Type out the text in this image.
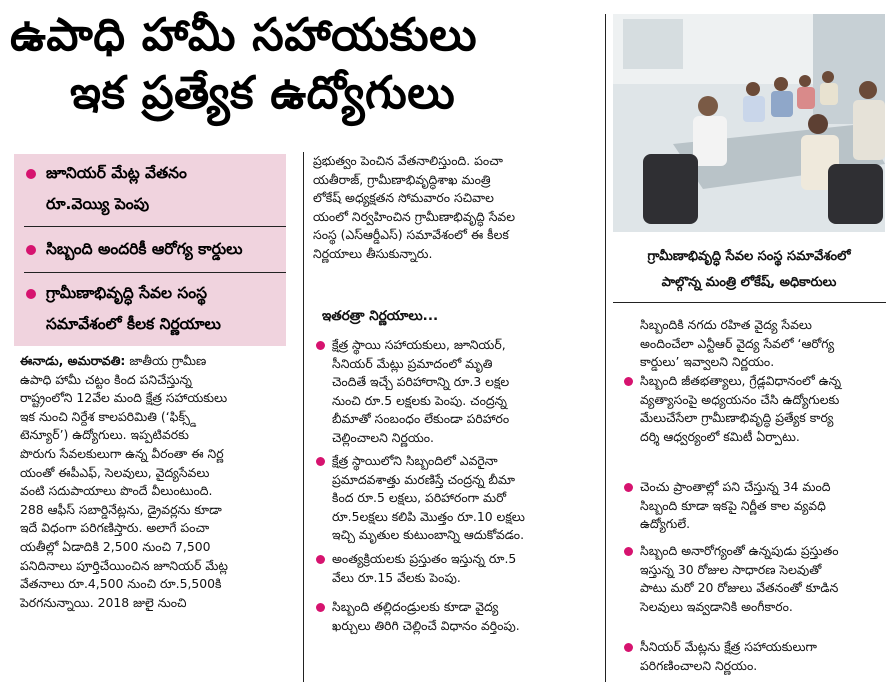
ఉపాధి హామీ సహాయకులు
ఇక ప్రత్యేక ఉద్యోగులు
జూనియర్ మేట్ల వేతనం
రూ.వెయ్యి పెంపు
సిబ్బంది అందరికీ ఆరోగ్య కార్డులు
గ్రామీణాభివృద్ధి సేవల సంస్థ
సమావేశంలో కీలక నిర్ణయాలు

ఈనాడు, అమరావతి: జాతీయ గ్రామీణ

ఉపాధి హామీ చట్టం కింద పనిచేస్తున్న

రాష్ట్రంలోని 12వేల మంది క్షేత్ర సహాయకులు

ఇక నుంచి నిర్దేశ కాలపరిమితి (‘ఫిక్స్డ్

టెన్యూర్’) ఉద్యోగులు. ఇప్పటివరకు

పొరుగు సేవలకులుగా ఉన్న వీరంతా ఈ నిర్ణ

యంతో ఈపీఎఫ్, సెలవులు, వైద్యసేవలు

వంటి సదుపాయాలు పొందే వీలుంటుంది.

288 ఆఫీస్ సబార్డినేట్లను, డ్రైవర్లను కూడా

ఇదే విధంగా పరిగణిస్తారు. అలాగే పంచా

యతీల్లో ఏడాదికి 2,500 నుంచి 7,500

పనిదినాలు పూర్తిచేయించిన జూనియర్ మేట్ల

వేతనాలు రూ.4,500 నుంచి రూ.5,500కి

పెరగనున్నాయి. 2018 జులై నుంచి

ప్రభుత్వం పెంచిన వేతనాలిస్తుంది. పంచా

యతీరాజ్, గ్రామీణాభివృద్ధిశాఖ మంత్రి

లోకేష్ అధ్యక్షతన సోమవారం సచివాల

యంలో నిర్వహించిన గ్రామీణాభివృద్ధి సేవల

సంస్థ (ఎస్ఆర్డీఎస్) సమావేశంలో ఈ కీలక

నిర్ణయాలు తీసుకున్నారు.

ఇతరత్రా నిర్ణయాలు...

క్షేత్ర స్థాయి సహాయకులు, జూనియర్,

సీనియర్ మేట్లు ప్రమాదంలో మృతి

చెందితే ఇచ్చే పరిహారాన్ని రూ.3 లక్షల

నుంచి రూ.5 లక్షలకు పెంపు. చంద్రన్న

బీమాతో సంబంధం లేకుండా పరిహారం

చెల్లించాలని నిర్ణయం.

క్షేత్ర స్థాయిలోని సిబ్బందిలో ఎవరైనా

ప్రమాదవశాత్తు మరణిస్తే చంద్రన్న బీమా

కింద రూ.5 లక్షలు, పరిహారంగా మరో

రూ.5లక్షలు కలిపి మొత్తం రూ.10 లక్షలు

ఇచ్చి మృతుల కుటుంబాన్ని ఆదుకోవడం.

అంత్యక్రియలకు ప్రస్తుతం ఇస్తున్న రూ.5

వేలు రూ.15 వేలకు పెంపు.

సిబ్బంది తల్లిదండ్రులకు కూడా వైద్య

ఖర్చులు తిరిగి చెల్లించే విధానం వర్తింపు.

గ్రామీణాభివృద్ధి సేవల సంస్థ సమావేశంలో
పాల్గొన్న మంత్రి లోకేష్, అధికారులు

సిబ్బందికి నగదు రహిత వైద్య సేవలు

అందించేలా ఎన్టీఆర్ వైద్య సేవలో ‘ఆరోగ్య

కార్డులు’ ఇవ్వాలని నిర్ణయం.

సిబ్బంది జీతభత్యాలు, గ్రేడ్లవిధానంలో ఉన్న

వ్యత్యాసంపై అధ్యయనం చేసి ఉద్యోగులకు

మేలుచేసేలా గ్రామీణాభివృద్ధి ప్రత్యేక కార్య

దర్శి ఆధ్వర్యంలో కమిటీ ఏర్పాటు.

చెంచు ప్రాంతాల్లో పని చేస్తున్న 34 మంది

సిబ్బంది కూడా ఇకపై నిర్ణీత కాల వ్యవధి

ఉద్యోగులే.

సిబ్బంది అనారోగ్యంతో ఉన్నపుడు ప్రస్తుతం

ఇస్తున్న 30 రోజుల సాధారణ సెలవుతో

పాటు మరో 20 రోజులు వేతనంతో కూడిన

సెలవులు ఇవ్వడానికి అంగీకారం.

సీనియర్ మేట్లను క్షేత్ర సహాయకులుగా

పరిగణించాలని నిర్ణయం.
